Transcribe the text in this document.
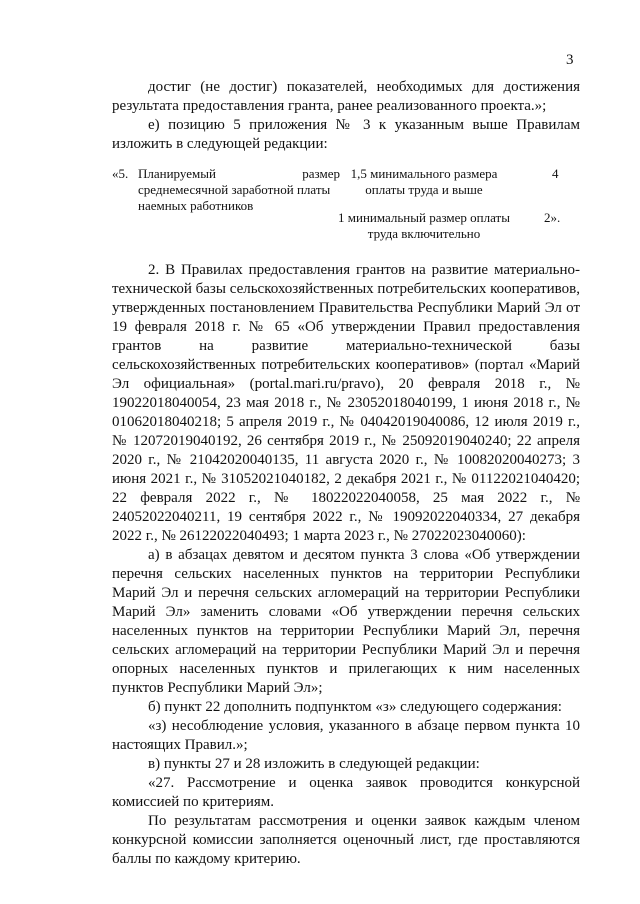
3

достиг (не достиг) показателей, необходимых для достижения

результата предоставления гранта, ранее реализованного проекта.»;

е) позицию 5 приложения № 3 к указанным выше Правилам изложить в следующей редакции:

«5. Планируемый размер
среднемесячной заработной платы
наемных работников
1,5 минимального размера оплаты труда и выше
4
1 минимальный размер оплаты труда включительно
2».

2. В Правилах предоставления грантов на развитие материально-технической базы сельскохозяйственных потребительских кооперативов, утвержденных постановлением Правительства Республики Марий Эл от 19 февраля 2018 г. № 65 «Об утверждении Правил предоставления грантов на развитие материально-технической базы сельскохозяйственных потребительских кооперативов» (портал «Марий Эл официальная» (portal.mari.ru/pravo), 20 февраля 2018 г., № 19022018040054, 23 мая 2018 г., № 23052018040199, 1 июня 2018 г., № 01062018040218; 5 апреля 2019 г., № 04042019040086, 12 июля 2019 г., № 12072019040192, 26 сентября 2019 г., № 25092019040240; 22 апреля 2020 г., № 21042020040135, 11 августа 2020 г., № 10082020040273; 3 июня 2021 г., № 31052021040182, 2 декабря 2021 г., № 01122021040420; 22 февраля 2022 г., № 18022022040058, 25 мая 2022 г., № 24052022040211, 19 сентября 2022 г., № 19092022040334, 27 декабря 2022 г., № 26122022040493; 1 марта 2023 г., № 27022023040060):

а) в абзацах девятом и десятом пункта 3 слова «Об утверждении перечня сельских населенных пунктов на территории Республики Марий Эл и перечня сельских агломераций на территории Республики Марий Эл» заменить словами «Об утверждении перечня сельских населенных пунктов на территории Республики Марий Эл, перечня сельских агломераций на территории Республики Марий Эл и перечня опорных населенных пунктов и прилегающих к ним населенных пунктов Республики Марий Эл»;

б) пункт 22 дополнить подпунктом «з» следующего содержания:

«з) несоблюдение условия, указанного в абзаце первом пункта 10 настоящих Правил.»;

в) пункты 27 и 28 изложить в следующей редакции:

«27. Рассмотрение и оценка заявок проводится конкурсной комиссией по критериям.

По результатам рассмотрения и оценки заявок каждым членом конкурсной комиссии заполняется оценочный лист, где проставляются баллы по каждому критерию.
